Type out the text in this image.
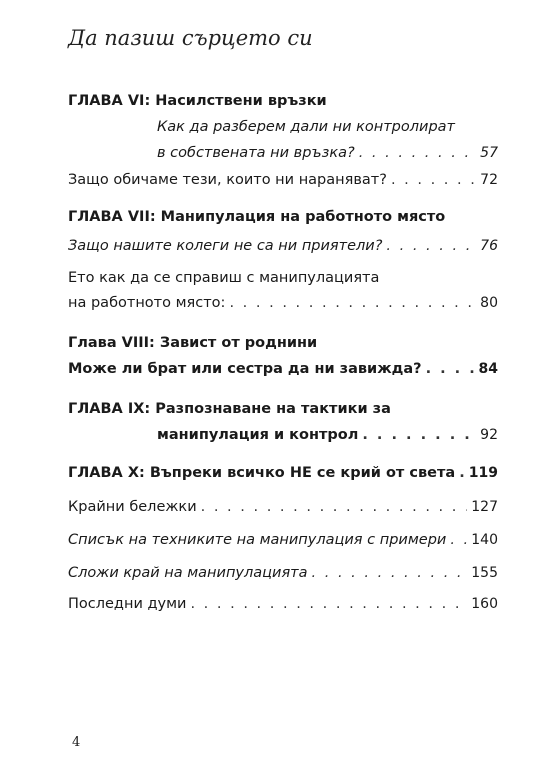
Да пазиш сърцето си
ГЛАВА VI: Насилствени връзки
Как да разберем дали ни контролират
в собствената ни връзка? . . .	57
Защо обичаме тези, които ни нараняват? . . .	72
ГЛАВА VII: Манипулация на работното място
Защо нашите колеги не са ни приятели? . . .	76
Ето как да се справиш с манипулацията
на работното място: . . .	80
Глава VIII: Завист от роднини
Може ли брат или сестра да ни завижда? . . .	84
ГЛАВА IX: Разпознаване на тактики за
манипулация и контрол . . .	92
ГЛАВА X: Въпреки всичко НЕ се крий от света . . . 119
Крайни бележки . . .	127
Списък на техниките на манипулация с примери . . . 140
Сложи край на манипулацията . . .	155
Последни думи . . .	160
4
